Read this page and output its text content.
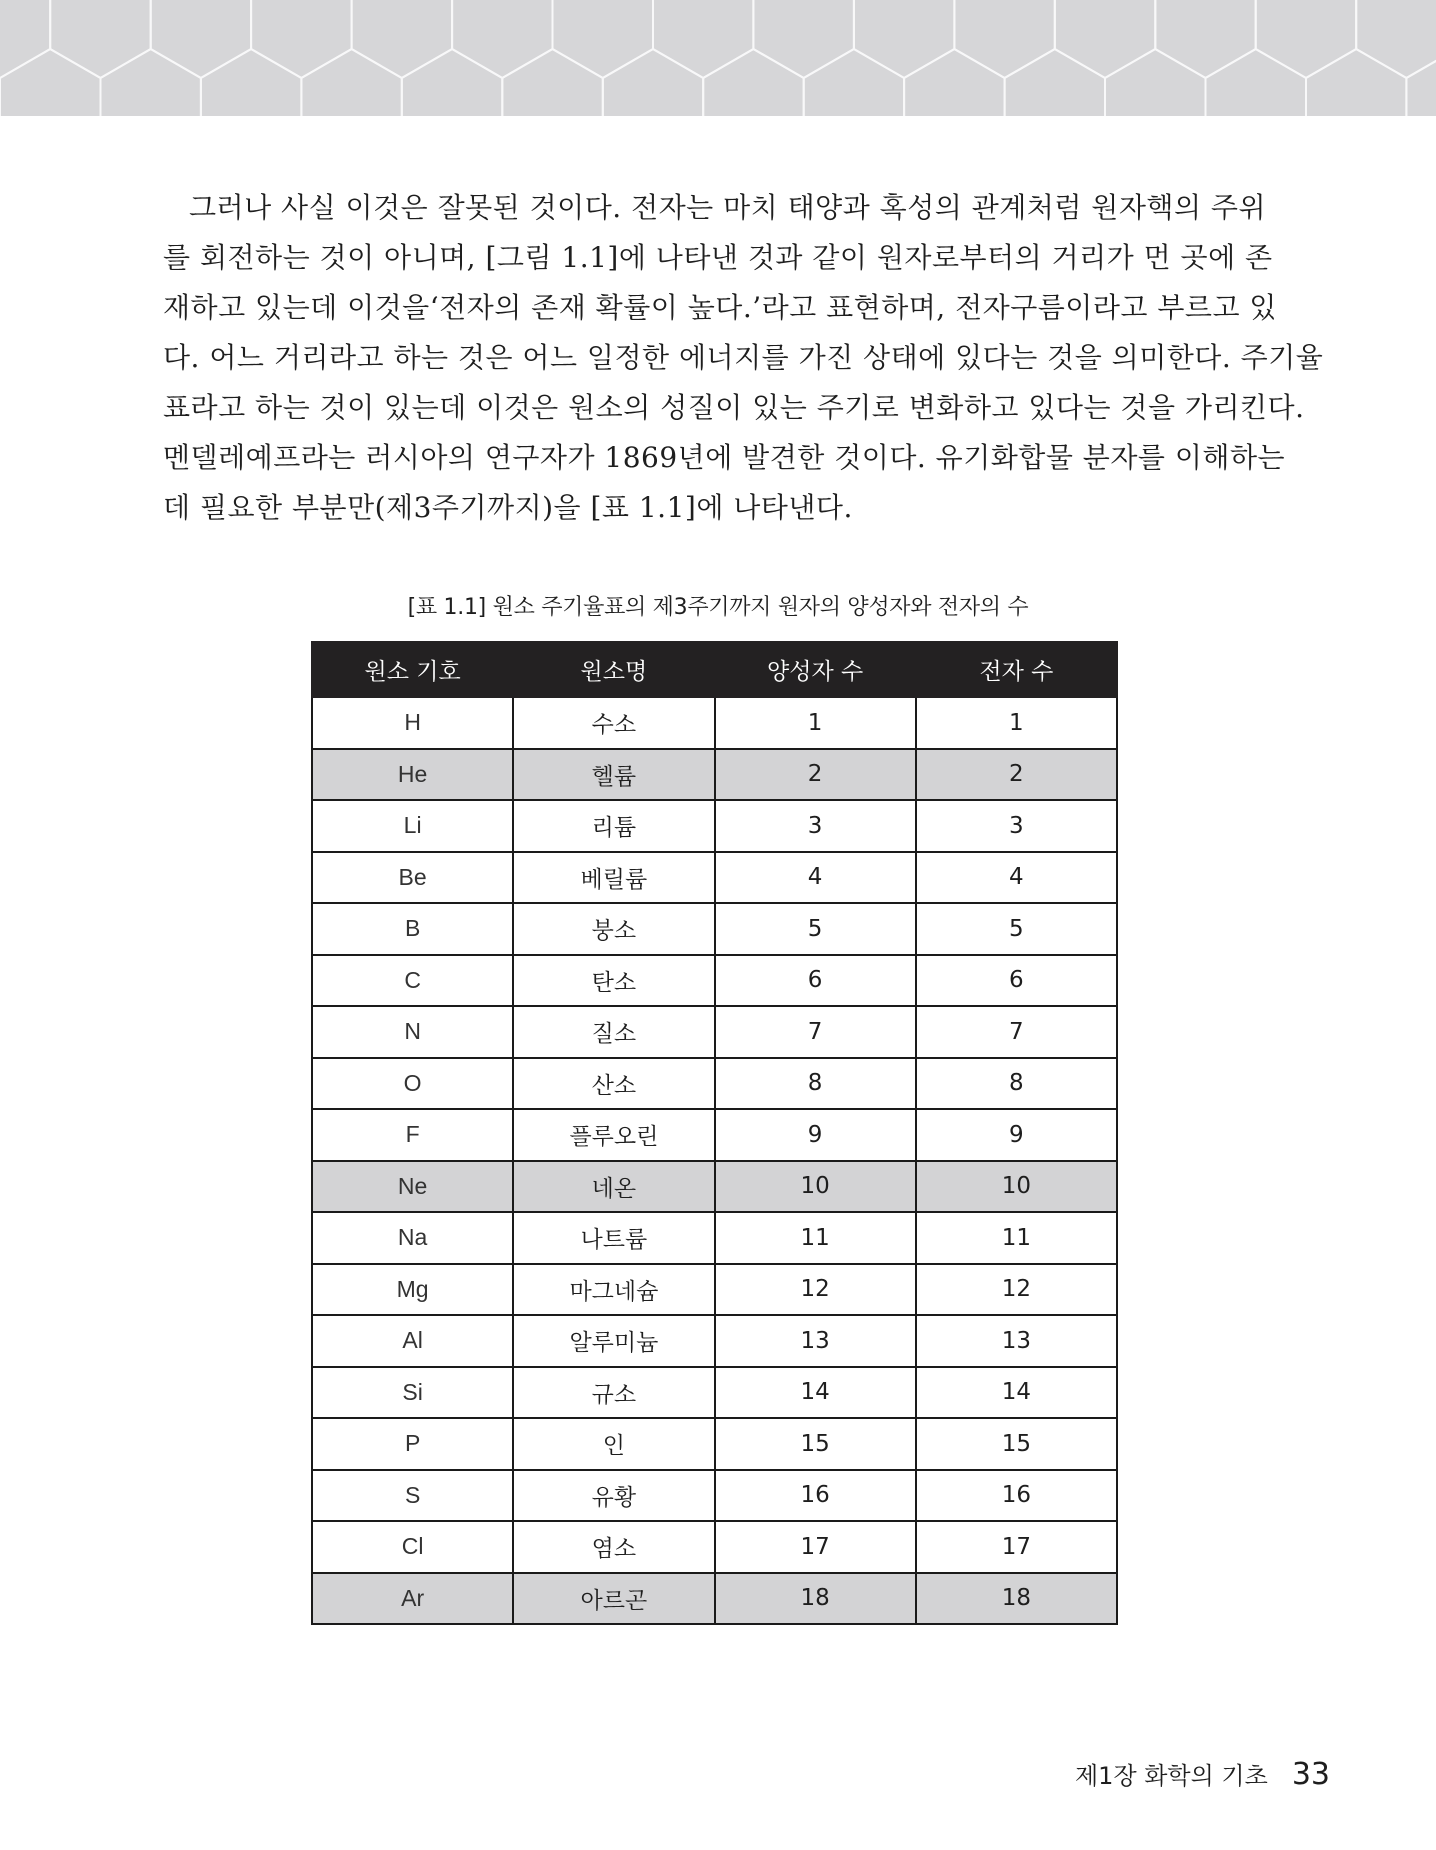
그러나 사실 이것은 잘못된 것이다. 전자는 마치 태양과 혹성의 관계처럼 원자핵의 주위
를 회전하는 것이 아니며, [그림 1.1]에 나타낸 것과 같이 원자로부터의 거리가 먼 곳에 존
재하고 있는데 이것을‘전자의 존재 확률이 높다.’라고 표현하며, 전자구름이라고 부르고 있
다. 어느 거리라고 하는 것은 어느 일정한 에너지를 가진 상태에 있다는 것을 의미한다. 주기율
표라고 하는 것이 있는데 이것은 원소의 성질이 있는 주기로 변화하고 있다는 것을 가리킨다.
멘델레예프라는 러시아의 연구자가 1869년에 발견한 것이다. 유기화합물 분자를 이해하는
데 필요한 부분만(제3주기까지)을 [표 1.1]에 나타낸다.

[표 1.1] 원소 주기율표의 제3주기까지 원자의 양성자와 전자의 수
원소 기호	원소명	양성자 수	전자 수
H	수소	1	1
He	헬륨	2	2
Li	리튬	3	3
Be	베릴륨	4	4
B	붕소	5	5
C	탄소	6	6
N	질소	7	7
O	산소	8	8
F	플루오린	9	9
Ne	네온	10	10
Na	나트륨	11	11
Mg	마그네슘	12	12
Al	알루미늄	13	13
Si	규소	14	14
P	인	15	15
S	유황	16	16
Cl	염소	17	17
Ar	아르곤	18	18
제1장 화학의 기초 33
